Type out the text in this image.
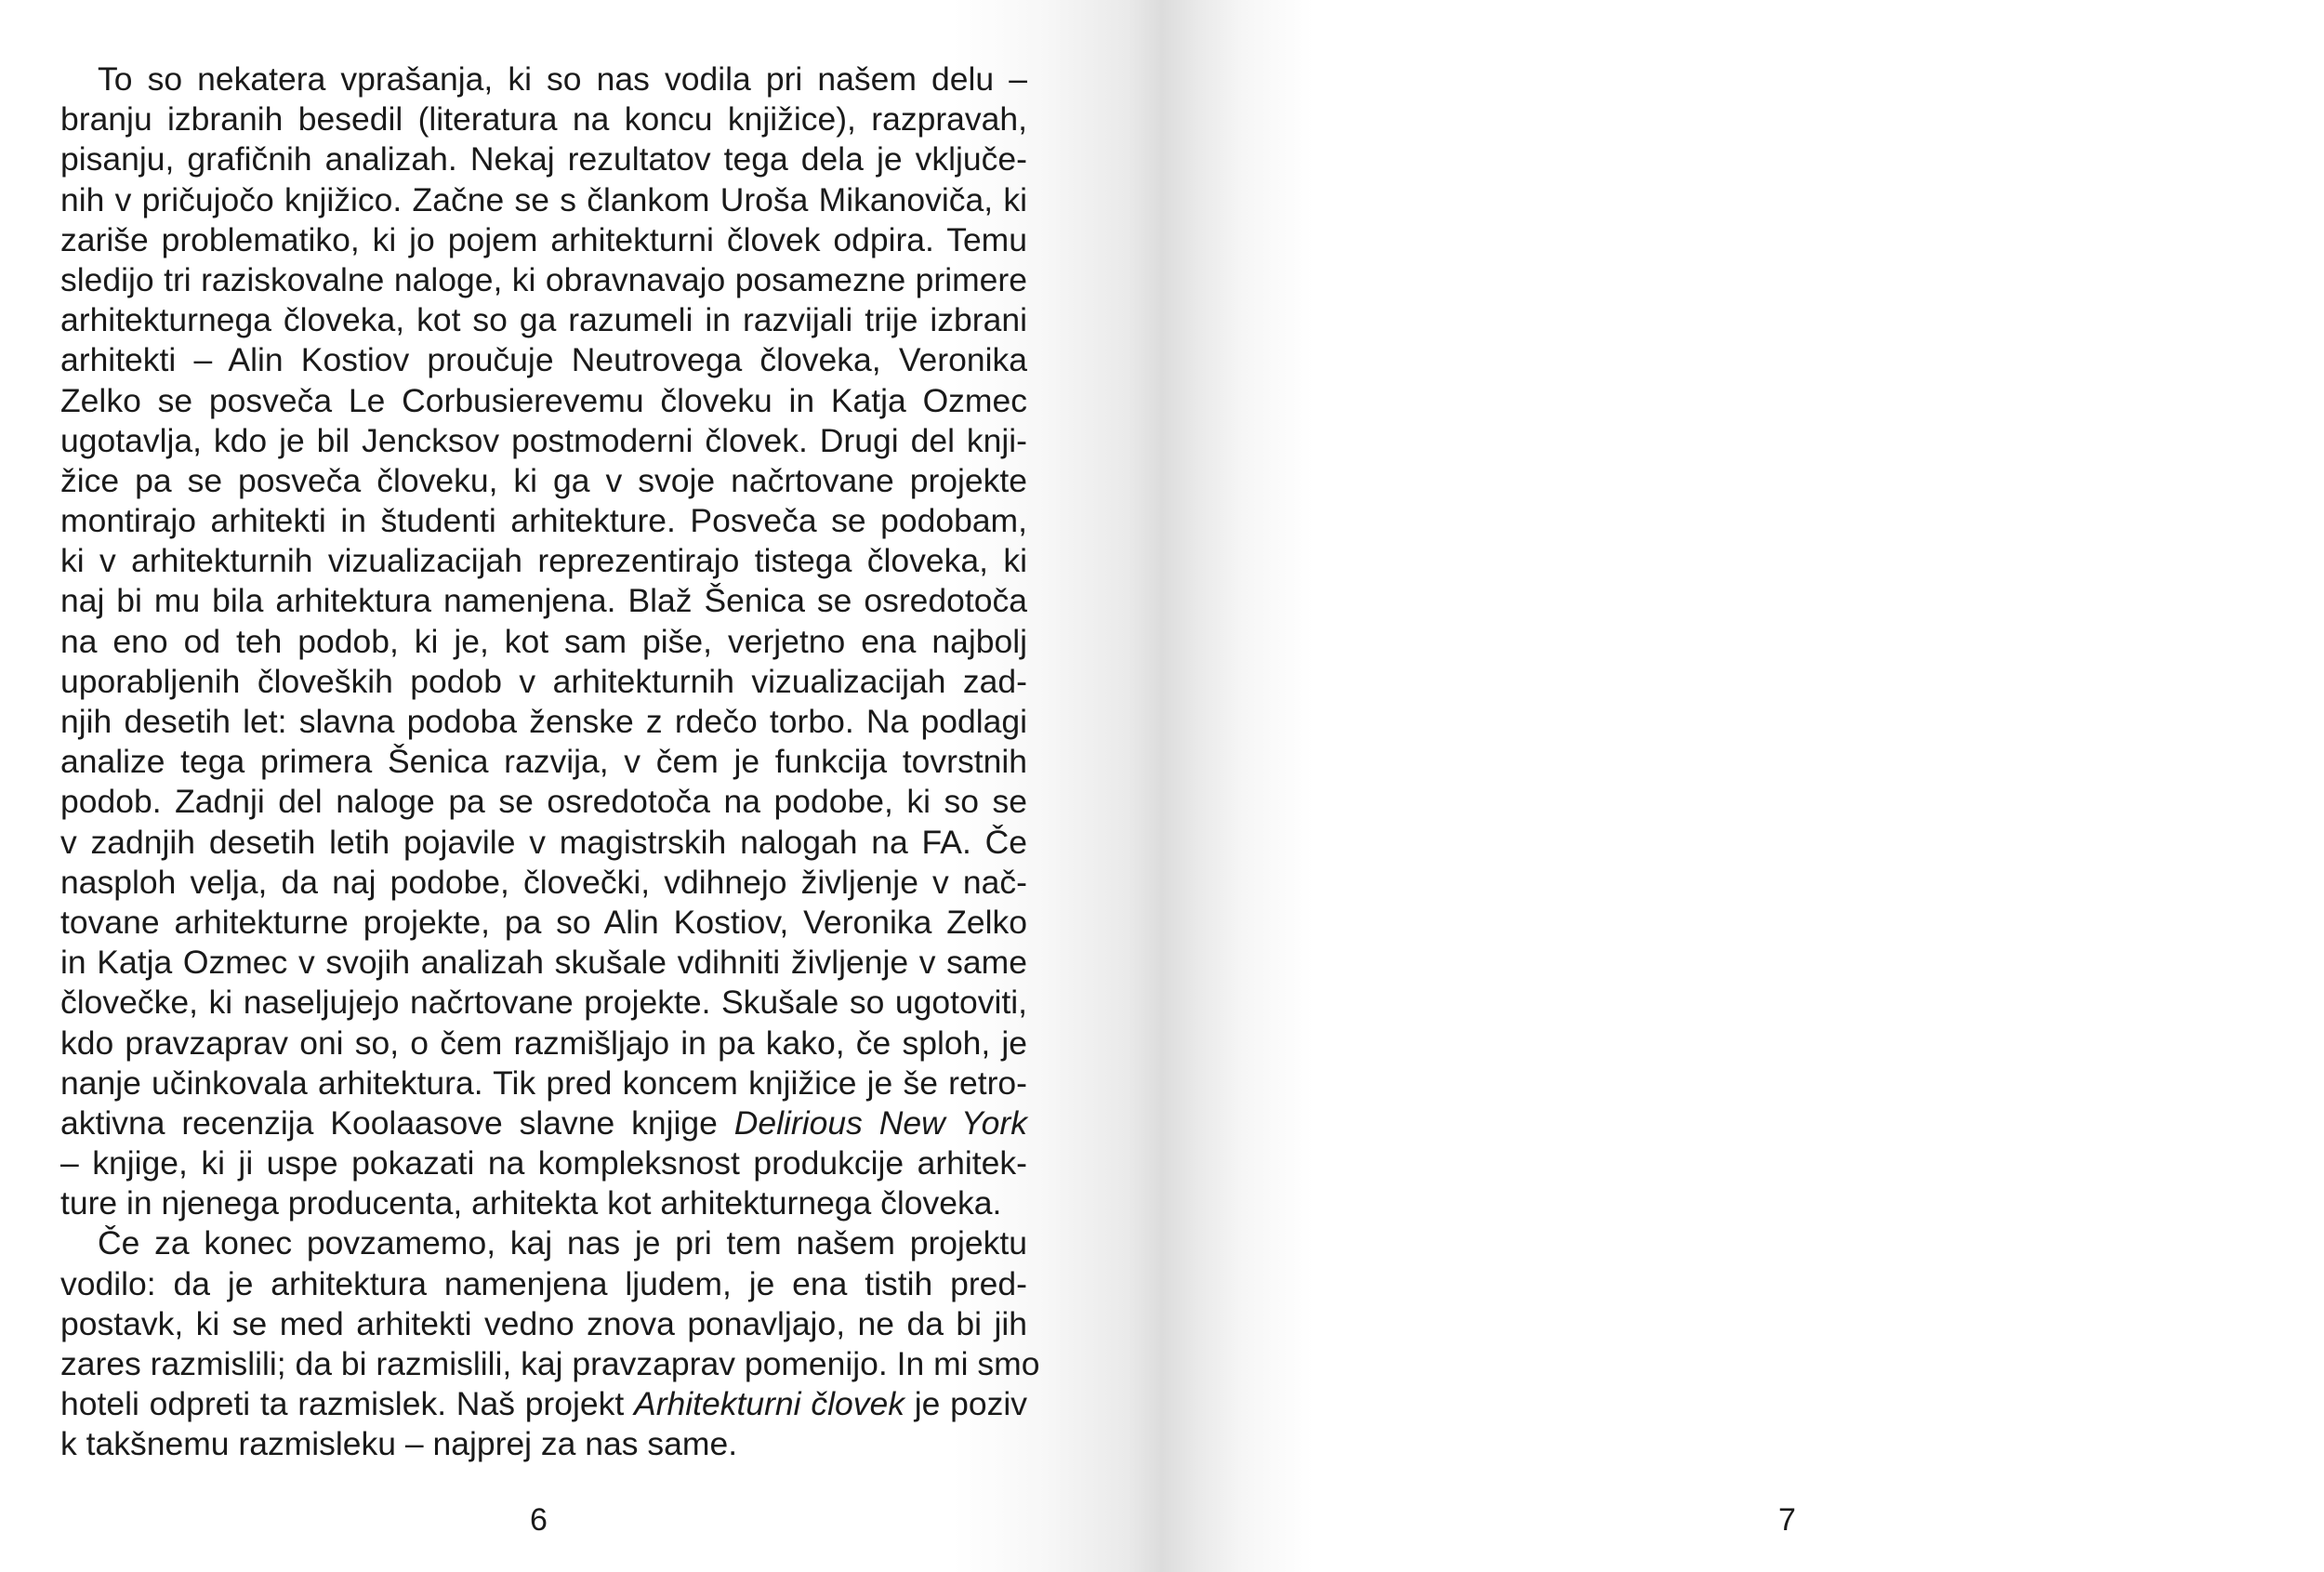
To so nekatera vprašanja, ki so nas vodila pri našem delu –
branju izbranih besedil (literatura na koncu knjižice), razpravah,
pisanju, grafičnih analizah. Nekaj rezultatov tega dela je vključe-
nih v pričujočo knjižico. Začne se s člankom Uroša Mikanoviča, ki
zariše problematiko, ki jo pojem arhitekturni človek odpira. Temu
sledijo tri raziskovalne naloge, ki obravnavajo posamezne primere
arhitekturnega človeka, kot so ga razumeli in razvijali trije izbrani
arhitekti – Alin Kostiov proučuje Neutrovega človeka, Veronika
Zelko se posveča Le Corbusierevemu človeku in Katja Ozmec
ugotavlja, kdo je bil Jencksov postmoderni človek. Drugi del knji-
žice pa se posveča človeku, ki ga v svoje načrtovane projekte
montirajo arhitekti in študenti arhitekture. Posveča se podobam,
ki v arhitekturnih vizualizacijah reprezentirajo tistega človeka, ki
naj bi mu bila arhitektura namenjena. Blaž Šenica se osredotoča
na eno od teh podob, ki je, kot sam piše, verjetno ena najbolj
uporabljenih človeških podob v arhitekturnih vizualizacijah zad-
njih desetih let: slavna podoba ženske z rdečo torbo. Na podlagi
analize tega primera Šenica razvija, v čem je funkcija tovrstnih
podob. Zadnji del naloge pa se osredotoča na podobe, ki so se
v zadnjih desetih letih pojavile v magistrskih nalogah na FA. Če
nasploh velja, da naj podobe, človečki, vdihnejo življenje v nač-
tovane arhitekturne projekte, pa so Alin Kostiov, Veronika Zelko
in Katja Ozmec v svojih analizah skušale vdihniti življenje v same
človečke, ki naseljujejo načrtovane projekte. Skušale so ugotoviti,
kdo pravzaprav oni so, o čem razmišljajo in pa kako, če sploh, je
nanje učinkovala arhitektura. Tik pred koncem knjižice je še retro-
aktivna recenzija Koolaasove slavne knjige Delirious New York
– knjige, ki ji uspe pokazati na kompleksnost produkcije arhitek-
ture in njenega producenta, arhitekta kot arhitekturnega človeka.
Če za konec povzamemo, kaj nas je pri tem našem projektu
vodilo: da je arhitektura namenjena ljudem, je ena tistih pred-
postavk, ki se med arhitekti vedno znova ponavljajo, ne da bi jih
zares razmislili; da bi razmislili, kaj pravzaprav pomenijo. In mi smo
hoteli odpreti ta razmislek. Naš projekt Arhitekturni človek je poziv
k takšnemu razmisleku – najprej za nas same.
6	7
